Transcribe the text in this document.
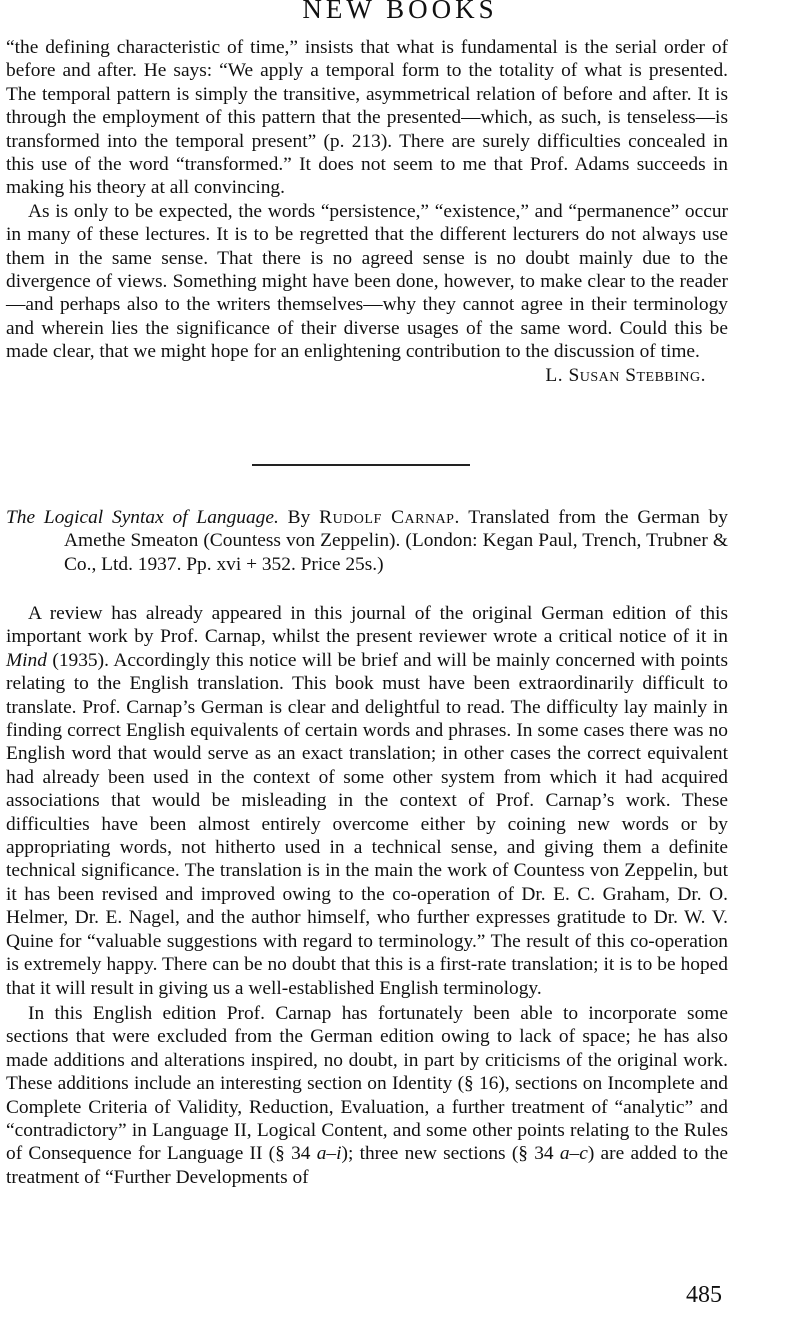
NEW BOOKS

“the defining characteristic of time,” insists that what is fundamental is the serial order of before and after. He says: “We apply a temporal form to the totality of what is presented. The temporal pattern is simply the transitive, asymmetrical relation of before and after. It is through the employment of this pattern that the presented—which, as such, is tenseless—is transformed into the temporal present” (p. 213). There are surely difficulties concealed in this use of the word “transformed.” It does not seem to me that Prof. Adams succeeds in making his theory at all convincing.

As is only to be expected, the words “persistence,” “existence,” and “permanence” occur in many of these lectures. It is to be regretted that the different lecturers do not always use them in the same sense. That there is no agreed sense is no doubt mainly due to the divergence of views. Something might have been done, however, to make clear to the reader—and perhaps also to the writers themselves—why they cannot agree in their terminology and wherein lies the significance of their diverse usages of the same word. Could this be made clear, that we might hope for an enlightening contribution to the discussion of time.

L. Susan Stebbing.

The Logical Syntax of Language. By Rudolf Carnap. Translated from the German by Amethe Smeaton (Countess von Zeppelin). (London: Kegan Paul, Trench, Trubner & Co., Ltd. 1937. Pp. xvi + 352. Price 25s.)

A review has already appeared in this journal of the original German edition of this important work by Prof. Carnap, whilst the present reviewer wrote a critical notice of it in Mind (1935). Accordingly this notice will be brief and will be mainly concerned with points relating to the English translation. This book must have been extraordinarily difficult to translate. Prof. Carnap’s German is clear and delightful to read. The difficulty lay mainly in finding correct English equivalents of certain words and phrases. In some cases there was no English word that would serve as an exact translation; in other cases the correct equivalent had already been used in the context of some other system from which it had acquired associations that would be misleading in the context of Prof. Carnap’s work. These difficulties have been almost entirely overcome either by coining new words or by appropriating words, not hitherto used in a technical sense, and giving them a definite technical significance. The translation is in the main the work of Countess von Zeppelin, but it has been revised and improved owing to the co-operation of Dr. E. C. Graham, Dr. O. Helmer, Dr. E. Nagel, and the author himself, who further expresses gratitude to Dr. W. V. Quine for “valuable suggestions with regard to terminology.” The result of this co-operation is extremely happy. There can be no doubt that this is a first-rate translation; it is to be hoped that it will result in giving us a well-established English terminology.

In this English edition Prof. Carnap has fortunately been able to incorporate some sections that were excluded from the German edition owing to lack of space; he has also made additions and alterations inspired, no doubt, in part by criticisms of the original work. These additions include an interesting section on Identity (§ 16), sections on Incomplete and Complete Criteria of Validity, Reduction, Evaluation, a further treatment of “analytic” and “contradictory” in Language II, Logical Content, and some other points relating to the Rules of Consequence for Language II (§ 34 a–i); three new sections (§ 34 a–c) are added to the treatment of “Further Developments of

485
